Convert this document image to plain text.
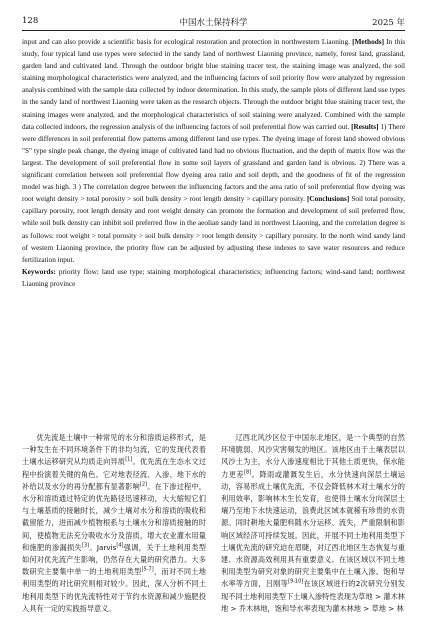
128	中国水土保持科学	2025 年

input and can also provide a scientific basis for ecological restoration and protection in northwestern Liaoning. [Methods] In this study, four typical land use types were selected in the sandy land of northwest Liaoning province, namely, forest land, grassland, garden land and cultivated land. Through the outdoor bright blue staining tracer test, the staining image was analyzed, the soil staining morphological characteristics were analyzed, and the influencing factors of soil priority flow were analyzed by regression analysis combined with the sample data collected by indoor determination. In this study, the sample plots of different land use types in the sandy land of northwest Liaoning were taken as the research objects. Through the outdoor bright blue staining tracer test, the staining images were analyzed, and the morphological characteristics of soil staining were analyzed. Combined with the sample data collected indoors, the regression analysis of the influencing factors of soil preferential flow was carried out. [Results] 1) There were differences in soil preferential flow patterns among different land use types. The dyeing image of forest land showed obvious "S" type single peak change, the dyeing image of cultivated land had no obvious fluctuation, and the depth of matrix flow was the largest. The development of soil preferential flow in some soil layers of grassland and garden land is obvious. 2) There was a significant correlation between soil preferential flow dyeing area ratio and soil depth, and the goodness of fit of the regression model was high. 3 ) The correlation degree between the influencing factors and the area ratio of soil preferential flow dyeing was root weight density > total porosity > soil bulk density > root length density > capillary porosity. [Conclusions] Soil total porosity, capillary porosity, root length density and root weight density can promote the formation and development of soil preferred flow, while soil bulk density can inhibit soil preferred flow in the aeolian sandy land in northwest Liaoning, and the correlation degree is as follows: root weight > total porosity > soil bulk density > root length density > capillary porosity. In the north wind sandy land of western Liaoning province, the priority flow can be adjusted by adjusting these indexes to save water resources and reduce fertilization input.

Keywords: priority flow; land use type; staining morphological characteristics; influencing factors; wind-sand land; northwest Liaoning province

优先流是土壤中一种常见的水分和溶质运移形式，是一种发生在不同环境条件下的非均匀流，它的发现代表着土壤水运移研究从均质走向异质[1]。优先流在生态水文过程中扮演着关键的角色。它对地表径流、入渗、地下水的补给以及水分的再分配都有显著影响[2]。在下渗过程中，水分和溶质通过特定的优先路径迅速移动，大大缩短它们与土壤基质的接触时长，减少土壤对水分和溶质的吸收和截留能力，进而减少植物根系与土壤水分和溶质接触的时间，使植物无法充分吸收水分及溶质，增大农业灌水用量和施肥的渗漏损失[3]。Jarvis[4]强调，关于土地利用类型如何对优先流产生影响，仍然存在大量的研究潜力。大多数研究主要集中单一的土地利用类型[5-7]，而对不同土地利用类型的对比研究则相对较少。因此，深入分析不同土地利用类型下的优先流特性对于节约水资源和减少施肥投入具有一定的实践指导意义。

辽西北风沙区位于中国东北地区，是一个典型的自然环境脆弱、风沙灾害频发的地区。该地区由于土壤表层以风沙土为主，水分入渗速度相比于其他土质更快，保水能力更差[8]。降雨或灌溉发生后，水分快速向深层土壤运动，容易形成土壤优先流，不仅会降低林木对土壤水分的利用效率，影响林木生长发育，也使得土壤水分向深层土壤乃至地下水快速运动，浪费此区域本就稀有珍贵的水资源。同时耕地大量肥料随水分运移、流失，严重限制和影响区域经济可持续发展。因此，开展不同土地利用类型下土壤优先流的研究迫在眉睫，对辽西北地区生态恢复与重建、水资源高效利用具有重要意义。在该区域以不同土地利用类型为研究对象的研究主要集中在土壤入渗、饱和导水率等方面，吕刚等[9-10]在该区域进行的2次研究分别发现不同土地利用类型下土壤入渗特性表现为草地 > 灌木林地 > 乔木林地，饱和导水率表现为灌木林地 > 草地 > 林
